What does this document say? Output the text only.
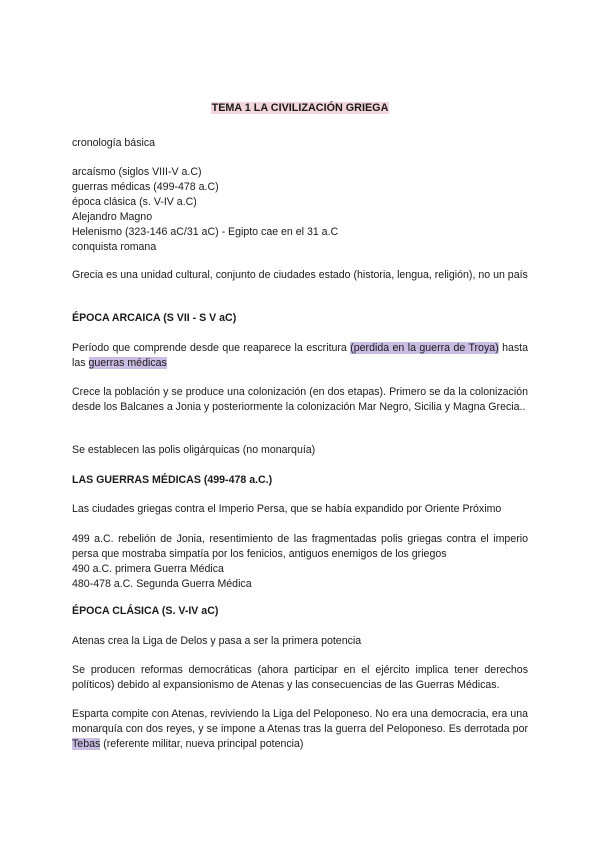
TEMA 1 LA CIVILIZACIÓN GRIEGA
cronología básica

arcaísmo (siglos VIII-V a.C)

guerras médicas (499-478 a.C)

época clásica (s. V-IV a.C)

Alejandro Magno

Helenismo (323-146 aC/31 aC) - Egipto cae en el 31 a.C

conquista romana

Grecia es una unidad cultural, conjunto de ciudades estado (historia, lengua, religión), no un país

ÉPOCA ARCAICA (S VII - S V aC)

Período que comprende desde que reaparece la escritura (perdida en la guerra de Troya) hasta las guerras médicas

Crece la población y se produce una colonización (en dos etapas). Primero se da la colonización desde los Balcanes a Jonia y posteriormente la colonización Mar Negro, Sicilia y Magna Grecia..

Se establecen las polis oligárquicas (no monarquía)

LAS GUERRAS MÉDICAS (499-478 a.C.)

Las ciudades griegas contra el Imperio Persa, que se había expandido por Oriente Próximo

499 a.C. rebelión de Jonia, resentimiento de las fragmentadas polis griegas contra el imperio persa que mostraba simpatía por los fenicios, antiguos enemigos de los griegos

490 a.C. primera Guerra Médica

480-478 a.C. Segunda Guerra Médica

ÉPOCA CLÁSICA (S. V-IV aC)

Atenas crea la Liga de Delos y pasa a ser la primera potencia

Se producen reformas democráticas (ahora participar en el ejército implica tener derechos políticos) debido al expansionismo de Atenas y las consecuencias de las Guerras Médicas.

Esparta compite con Atenas, reviviendo la Liga del Peloponeso. No era una democracia, era una monarquía con dos reyes, y se impone a Atenas tras la guerra del Peloponeso. Es derrotada por Tebas (referente militar, nueva principal potencia)
